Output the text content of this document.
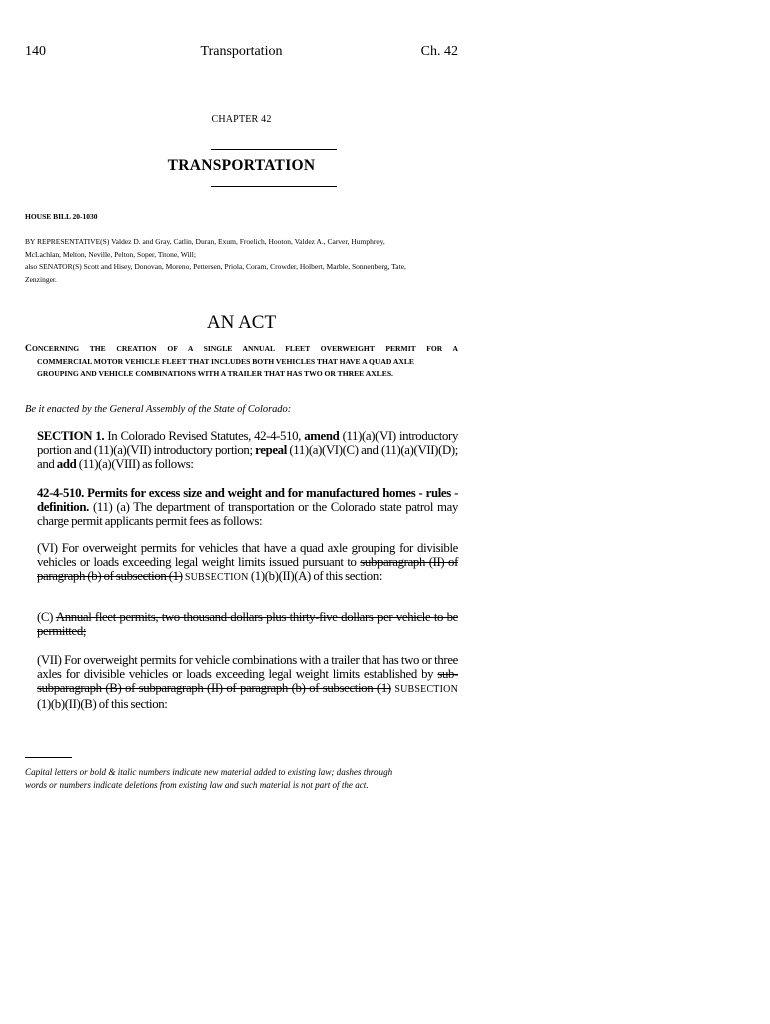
140	Transportation	Ch. 42
CHAPTER 42
TRANSPORTATION
HOUSE BILL 20-1030
BY REPRESENTATIVE(S) Valdez D. and Gray, Catlin, Duran, Exum, Froelich, Hooton, Valdez A., Carver, Humphrey,
McLachlan, Melton, Neville, Pelton, Soper, Titone, Will;
also SENATOR(S) Scott and Hisey, Donovan, Moreno, Pettersen, Priola, Coram, Crowder, Holbert, Marble, Sonnenberg, Tate,
Zenzinger.
AN ACT
CONCERNING THE CREATION OF A SINGLE ANNUAL FLEET OVERWEIGHT PERMIT FOR A
COMMERCIAL MOTOR VEHICLE FLEET THAT INCLUDES BOTH VEHICLES THAT HAVE A QUAD AXLE
GROUPING AND VEHICLE COMBINATIONS WITH A TRAILER THAT HAS TWO OR THREE AXLES.
Be it enacted by the General Assembly of the State of Colorado:
SECTION 1. In Colorado Revised Statutes, 42-4-510, amend (11)(a)(VI) introductory portion and (11)(a)(VII) introductory portion; repeal (11)(a)(VI)(C) and (11)(a)(VII)(D); and add (11)(a)(VIII) as follows:
42-4-510. Permits for excess size and weight and for manufactured homes - rules - definition. (11) (a) The department of transportation or the Colorado state patrol may charge permit applicants permit fees as follows:
(VI) For overweight permits for vehicles that have a quad axle grouping for divisible vehicles or loads exceeding legal weight limits issued pursuant to subparagraph (II) of paragraph (b) of subsection (1) SUBSECTION (1)(b)(II)(A) of this section:
(C) Annual fleet permits, two thousand dollars plus thirty-five dollars per vehicle to be permitted;
(VII) For overweight permits for vehicle combinations with a trailer that has two or three axles for divisible vehicles or loads exceeding legal weight limits established by sub-subparagraph (B) of subparagraph (II) of paragraph (b) of subsection (1) SUBSECTION (1)(b)(II)(B) of this section:
Capital letters or bold & italic numbers indicate new material added to existing law; dashes through
words or numbers indicate deletions from existing law and such material is not part of the act.
